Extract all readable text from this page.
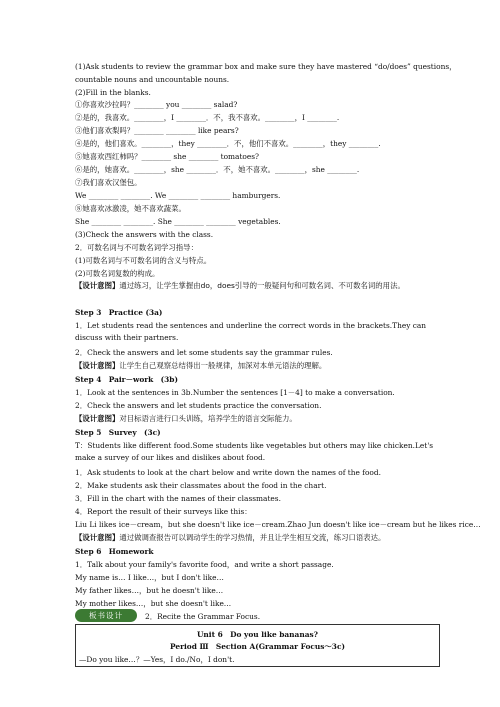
(1)Ask students to review the grammar box and make sure they have mastered “do/does” questions，
countable nouns and uncountable nouns.
(2)Fill in the blanks.
①你喜欢沙拉吗？________ you ________ salad?
②是的，我喜欢。________，I ________．不，我不喜欢。________，I ________.
③他们喜欢梨吗？________ ________ like pears?
④是的，他们喜欢。________，they ________．不，他们不喜欢。________，they ________.
⑤她喜欢西红柿吗？________ she ________ tomatoes?
⑥是的，她喜欢。________，she ________．不，她不喜欢。________，she ________.
⑦我们喜欢汉堡包。
We ________ ________. We ________ ________ hamburgers.
⑧她喜欢冰激凌，她不喜欢蔬菜。
She ________ ________. She ________ ________ vegetables.
(3)Check the answers with the class.
2．可数名词与不可数名词学习指导：
(1)可数名词与不可数名词的含义与特点。
(2)可数名词复数的构成。
【设计意图】通过练习，让学生掌握由do，does引导的一般疑问句和可数名词、不可数名词的用法。
Step 3　Practice (3a)
1．Let students read the sentences and underline the correct words in the brackets.They can discuss with their partners.
2．Check the answers and let some students say the grammar rules.
【设计意图】让学生自己观察总结得出一般规律，加深对本单元语法的理解。
Step 4　Pair－work　(3b)
1．Look at the sentences in 3b.Number the sentences [1－4] to make a conversation.
2．Check the answers and let students practice the conversation.
【设计意图】对目标语言进行口头训练，培养学生的语言交际能力。
Step 5　Survey　(3c)
T：Students like different food.Some students like vegetables but others may like chicken.Let's make a survey of our likes and dislikes about food.
1．Ask students to look at the chart below and write down the names of the food.
2．Make students ask their classmates about the food in the chart.
3．Fill in the chart with the names of their classmates.
4．Report the result of their surveys like this：
Liu Li likes ice－cream，but she doesn't like ice－cream.Zhao Jun doesn't like ice－cream but he likes rice…
【设计意图】通过做调查报告可以调动学生的学习热情，并且让学生相互交流，练习口语表达。
Step 6　Homework
1．Talk about your family's favorite food，and write a short passage.
My name is… I like…，but I don't like…
My father likes…，but he doesn't like…
My mother likes…，but she doesn't like…
板书设计	2．Recite the Grammar Focus.
Unit 6　Do you like bananas?
Period Ⅲ　Section A(Grammar Focus～3c)
—Do you like…？—Yes，I do./No，I don't.
